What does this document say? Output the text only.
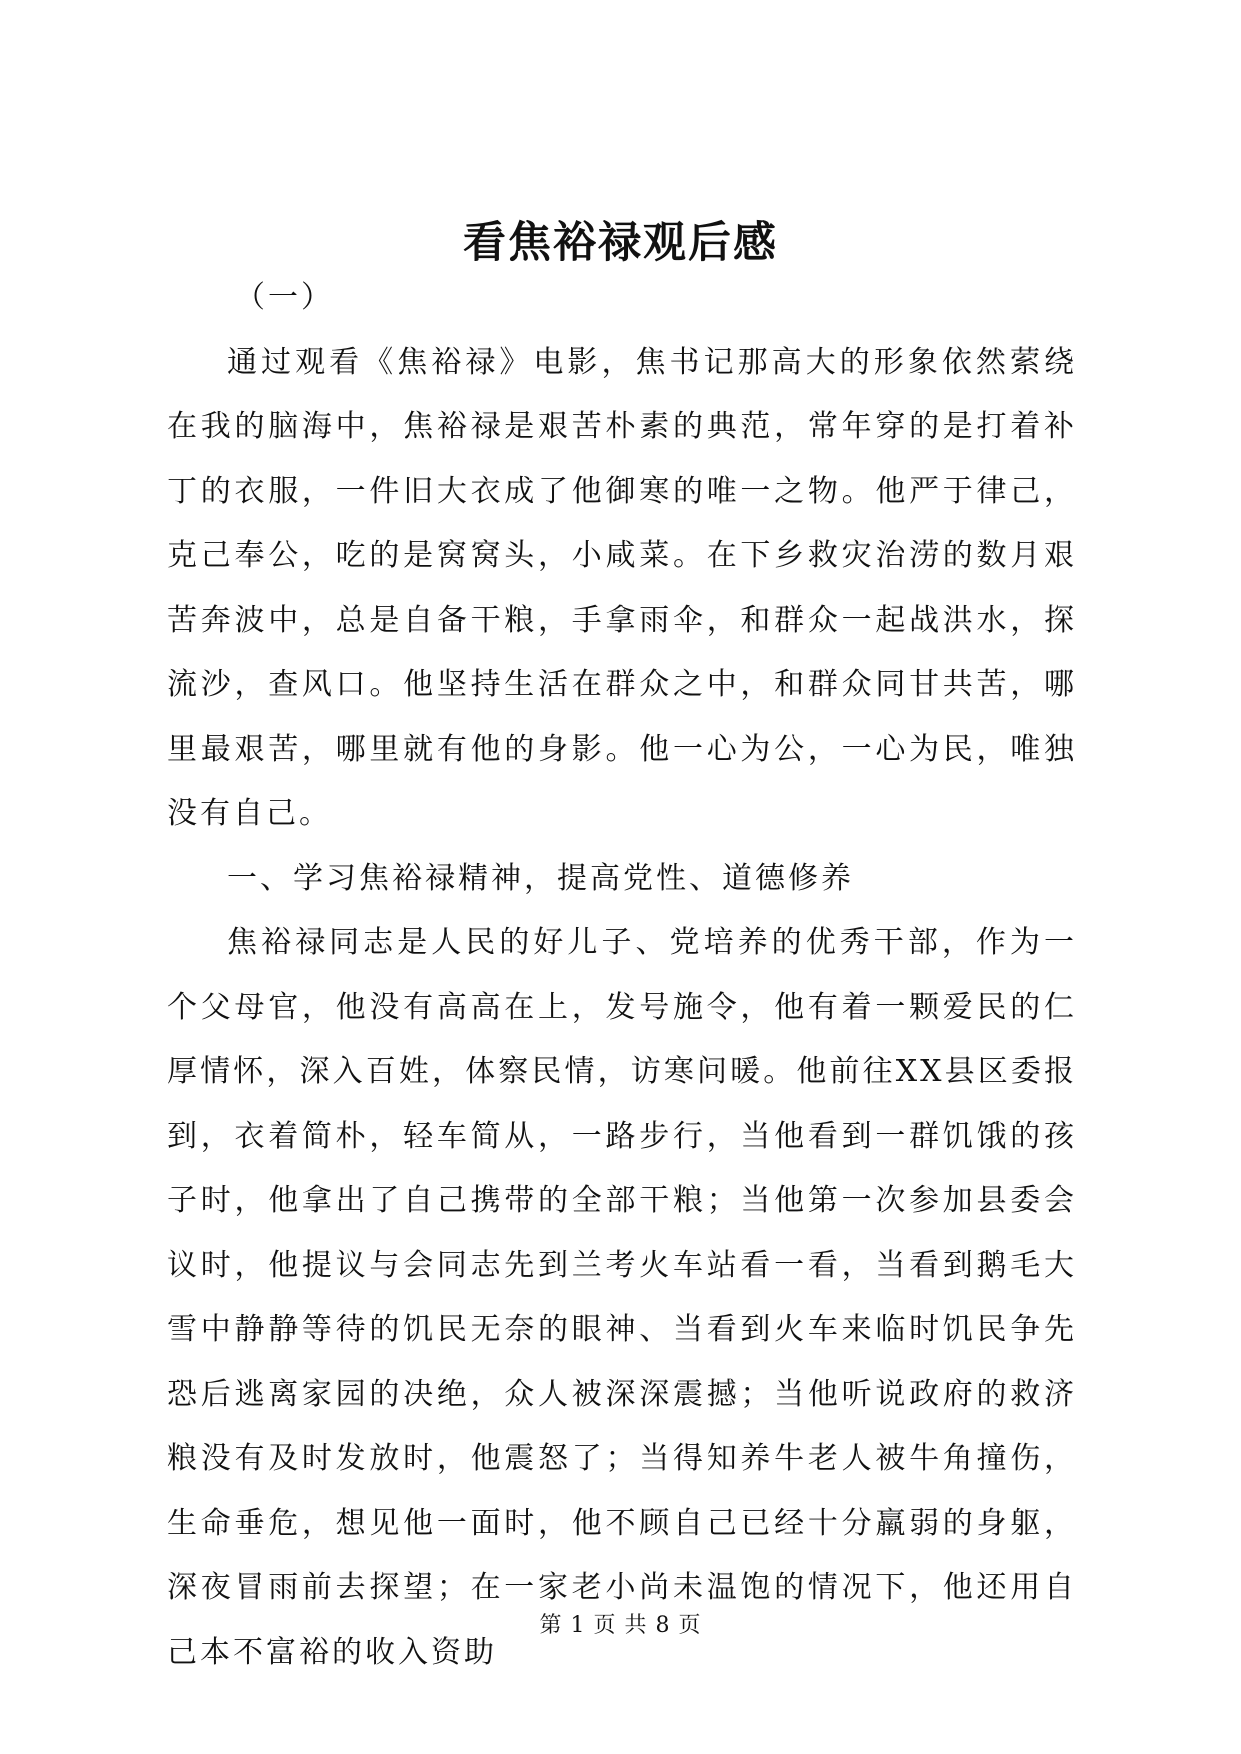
看焦裕禄观后感

（一）

通过观看《焦裕禄》电影，焦书记那高大的形象依然萦绕在我的脑海中，焦裕禄是艰苦朴素的典范，常年穿的是打着补丁的衣服，一件旧大衣成了他御寒的唯一之物。他严于律己，克己奉公，吃的是窝窝头，小咸菜。在下乡救灾治涝的数月艰苦奔波中，总是自备干粮，手拿雨伞，和群众一起战洪水，探流沙，查风口。他坚持生活在群众之中，和群众同甘共苦，哪里最艰苦，哪里就有他的身影。他一心为公，一心为民，唯独没有自己。

一、学习焦裕禄精神，提高党性、道德修养

焦裕禄同志是人民的好儿子、党培养的优秀干部，作为一个父母官，他没有高高在上，发号施令，他有着一颗爱民的仁厚情怀，深入百姓，体察民情，访寒问暖。他前往XX县区委报到，衣着简朴，轻车简从，一路步行，当他看到一群饥饿的孩子时，他拿出了自己携带的全部干粮；当他第一次参加县委会议时，他提议与会同志先到兰考火车站看一看，当看到鹅毛大雪中静静等待的饥民无奈的眼神、当看到火车来临时饥民争先恐后逃离家园的决绝，众人被深深震撼；当他听说政府的救济粮没有及时发放时，他震怒了；当得知养牛老人被牛角撞伤，生命垂危，想见他一面时，他不顾自己已经十分羸弱的身躯，深夜冒雨前去探望；在一家老小尚未温饱的情况下，他还用自己本不富裕的收入资助

第 1 页 共 8 页
